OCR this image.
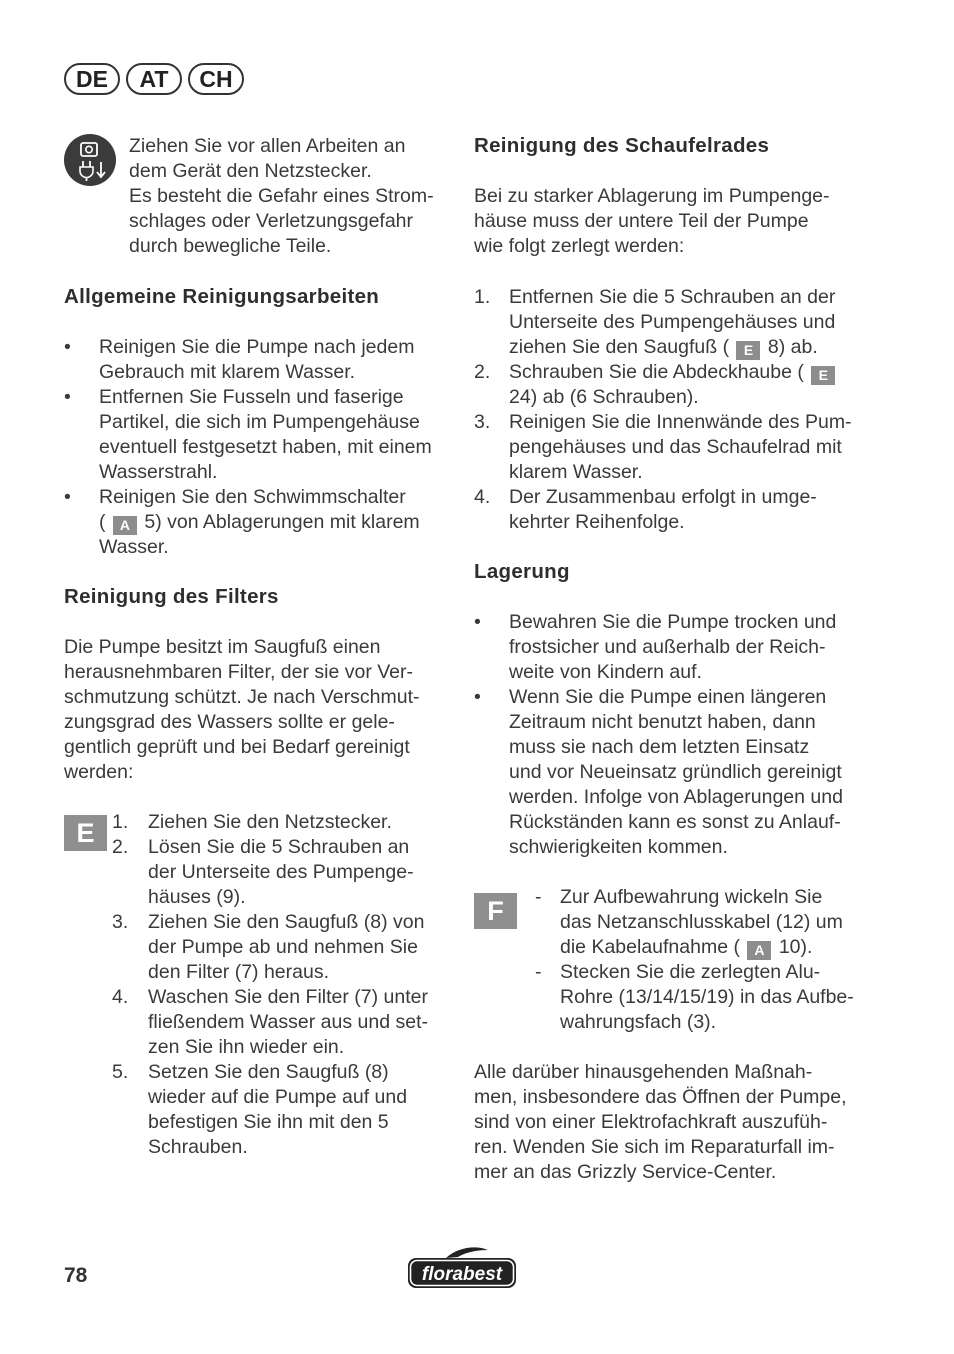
DE	AT	CH
Ziehen Sie vor allen Arbeiten an
dem Gerät den Netzstecker.
Es besteht die Gefahr eines Strom-
schlages oder Verletzungsgefahr
durch bewegliche Teile.
Allgemeine Reinigungsarbeiten
• Reinigen Sie die Pumpe nach jedem
Gebrauch mit klarem Wasser.
• Entfernen Sie Fusseln und faserige
Partikel, die sich im Pumpengehäuse
eventuell festgesetzt haben, mit einem
Wasserstrahl.
• Reinigen Sie den Schwimmschalter
( A 5) von Ablagerungen mit klarem
Wasser.
Reinigung des Filters
Die Pumpe besitzt im Saugfuß einen
herausnehmbaren Filter, der sie vor Ver-
schmutzung schützt. Je nach Verschmut-
zungsgrad des Wassers sollte er gele-
gentlich geprüft und bei Bedarf gereinigt
werden:
E 1. Ziehen Sie den Netzstecker.
2. Lösen Sie die 5 Schrauben an
der Unterseite des Pumpenge-
häuses (9).
3. Ziehen Sie den Saugfuß (8) von
der Pumpe ab und nehmen Sie
den Filter (7) heraus.
4. Waschen Sie den Filter (7) unter
fließendem Wasser aus und set-
zen Sie ihn wieder ein.
5. Setzen Sie den Saugfuß (8)
wieder auf die Pumpe auf und
befestigen Sie ihn mit den 5
Schrauben.
Reinigung des Schaufelrades
Bei zu starker Ablagerung im Pumpenge-
häuse muss der untere Teil der Pumpe
wie folgt zerlegt werden:
1. Entfernen Sie die 5 Schrauben an der
Unterseite des Pumpengehäuses und
ziehen Sie den Saugfuß ( E 8) ab.
2. Schrauben Sie die Abdeckhaube ( E
24) ab (6 Schrauben).
3. Reinigen Sie die Innenwände des Pum-
pengehäuses und das Schaufelrad mit
klarem Wasser.
4. Der Zusammenbau erfolgt in umge-
kehrter Reihenfolge.
Lagerung
• Bewahren Sie die Pumpe trocken und
frostsicher und außerhalb der Reich-
weite von Kindern auf.
• Wenn Sie die Pumpe einen längeren
Zeitraum nicht benutzt haben, dann
muss sie nach dem letzten Einsatz
und vor Neueinsatz gründlich gereinigt
werden. Infolge von Ablagerungen und
Rückständen kann es sonst zu Anlauf-
schwierigkeiten kommen.
F	- Zur Aufbewahrung wickeln Sie
das Netzanschlusskabel (12) um
die Kabelaufnahme ( A 10).
- Stecken Sie die zerlegten Alu-
Rohre (13/14/15/19) in das Aufbe-
wahrungsfach (3).
Alle darüber hinausgehenden Maßnah-
men, insbesondere das Öffnen der Pumpe,
sind von einer Elektrofachkraft auszufüh-
ren. Wenden Sie sich im Reparaturfall im-
mer an das Grizzly Service-Center.
78	florabest
